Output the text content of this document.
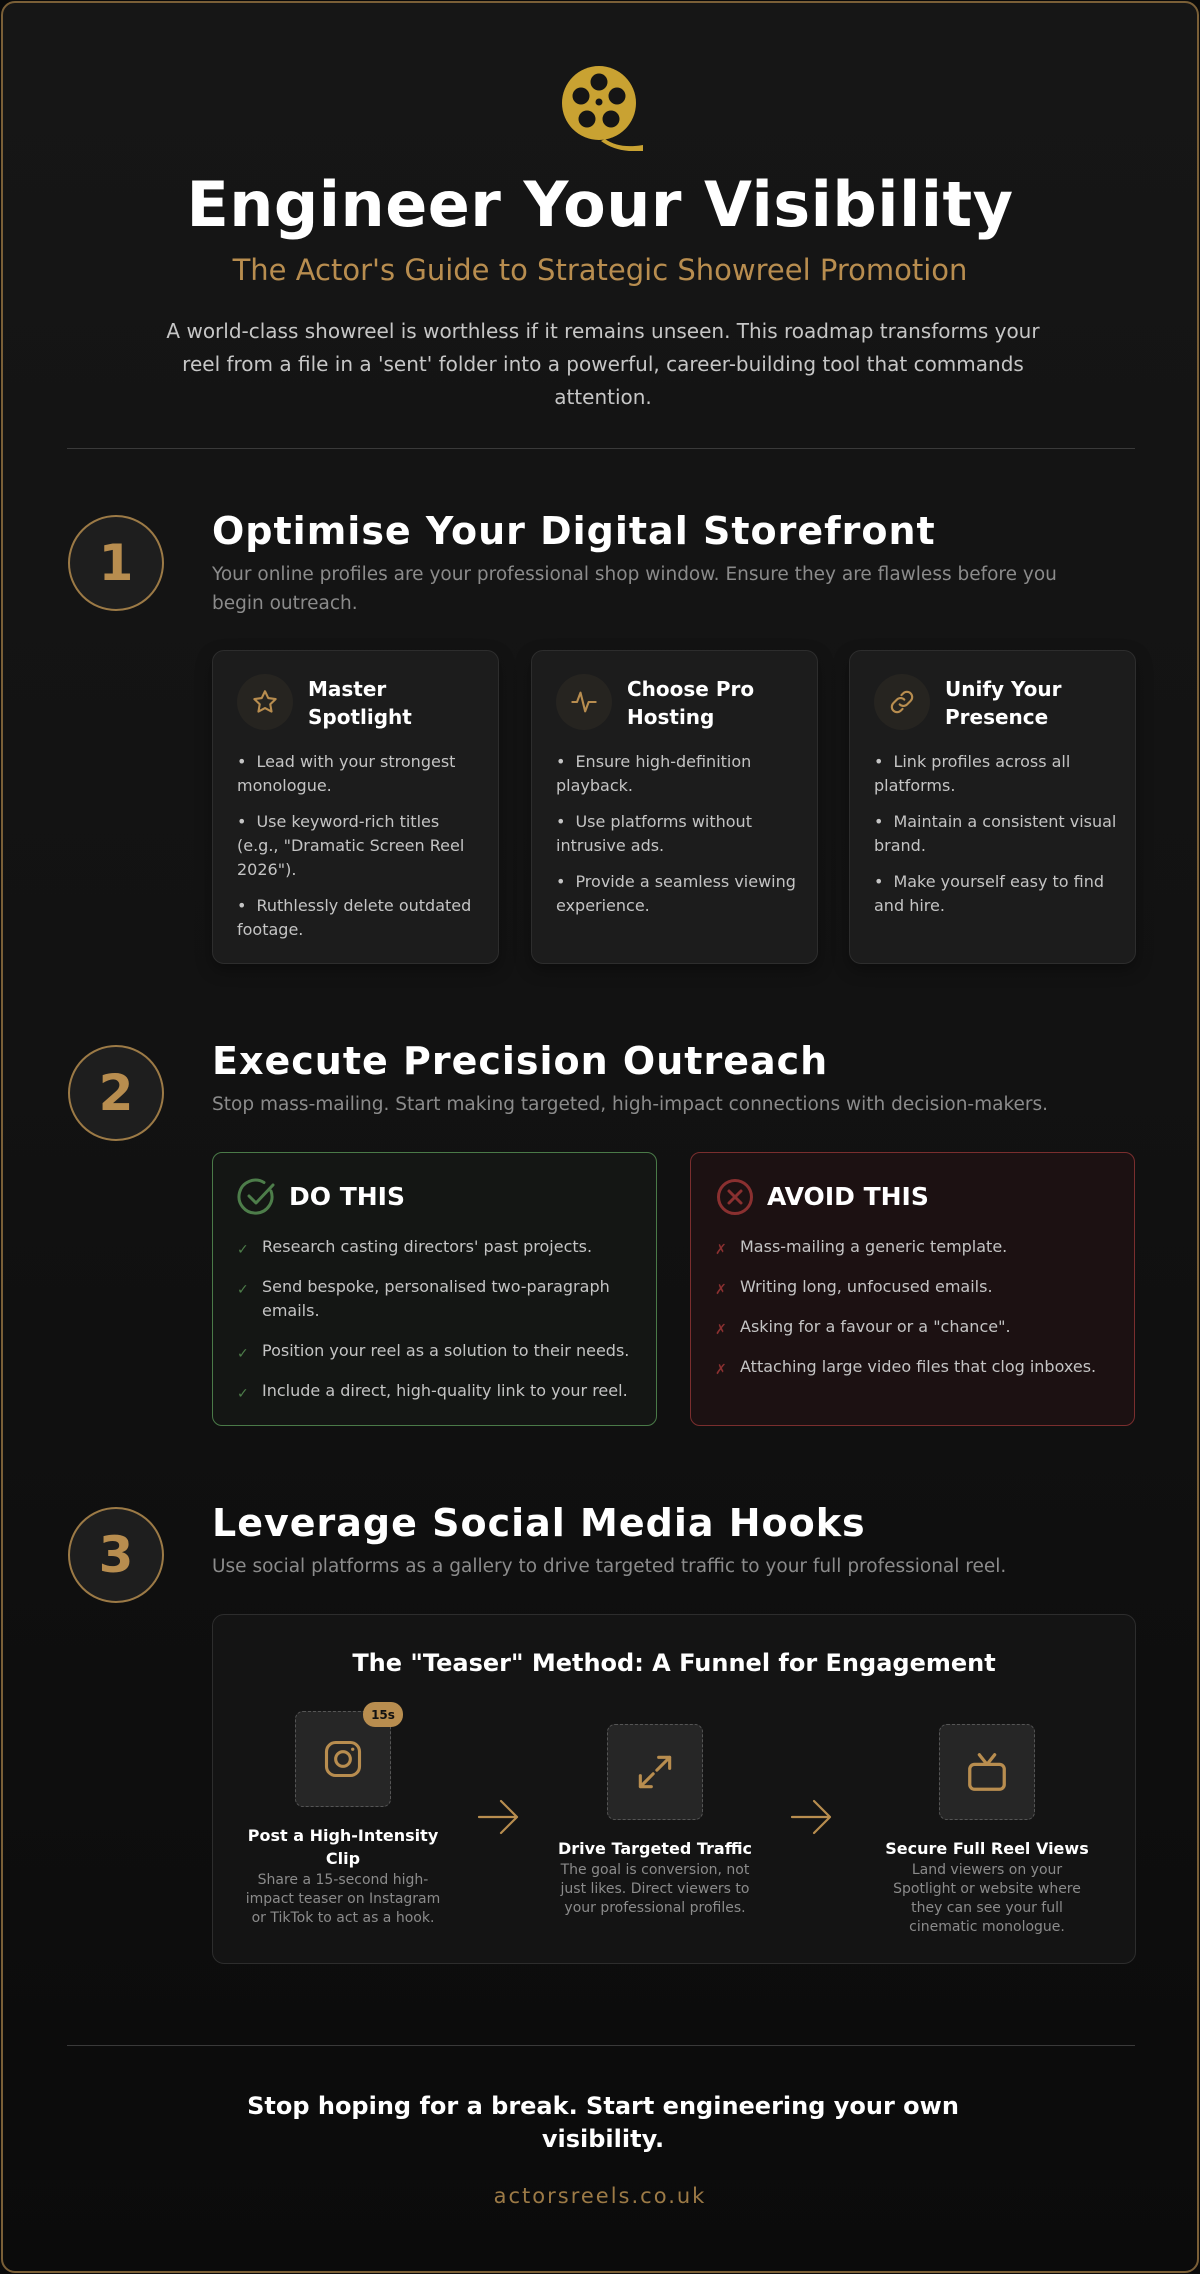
Engineer Your Visibility
The Actor's Guide to Strategic Showreel Promotion

A world-class showreel is worthless if it remains unseen. This roadmap transforms your reel from a file in a 'sent' folder into a powerful, career-building tool that commands attention.

1
Optimise Your Digital Storefront

Your online profiles are your professional shop window. Ensure they are flawless before you begin outreach.

Master Spotlight
• Lead with your strongest monologue.
• Use keyword-rich titles (e.g., "Dramatic Screen Reel 2026").
• Ruthlessly delete outdated footage.
Choose Pro Hosting
• Ensure high-definition playback.
• Use platforms without intrusive ads.
• Provide a seamless viewing experience.
Unify Your Presence
• Link profiles across all platforms.
• Maintain a consistent visual brand.
• Make yourself easy to find and hire.
2
Execute Precision Outreach

Stop mass-mailing. Start making targeted, high-impact connections with decision-makers.

DO THIS
✓ Research casting directors' past projects.
✓ Send bespoke, personalised two-paragraph emails.
✓ Position your reel as a solution to their needs.
✓ Include a direct, high-quality link to your reel.
AVOID THIS
✗ Mass-mailing a generic template.
✗ Writing long, unfocused emails.
✗ Asking for a favour or a "chance".
✗ Attaching large video files that clog inboxes.
3
Leverage Social Media Hooks

Use social platforms as a gallery to drive targeted traffic to your full professional reel.

The "Teaser" Method: A Funnel for Engagement
15s
Post a High-Intensity Clip
Share a 15-second high-impact teaser on Instagram or TikTok to act as a hook.
Drive Targeted Traffic
The goal is conversion, not just likes. Direct viewers to your professional profiles.
Secure Full Reel Views
Land viewers on your Spotlight or website where they can see your full cinematic monologue.
Stop hoping for a break. Start engineering your own visibility.
actorsreels.co.uk
